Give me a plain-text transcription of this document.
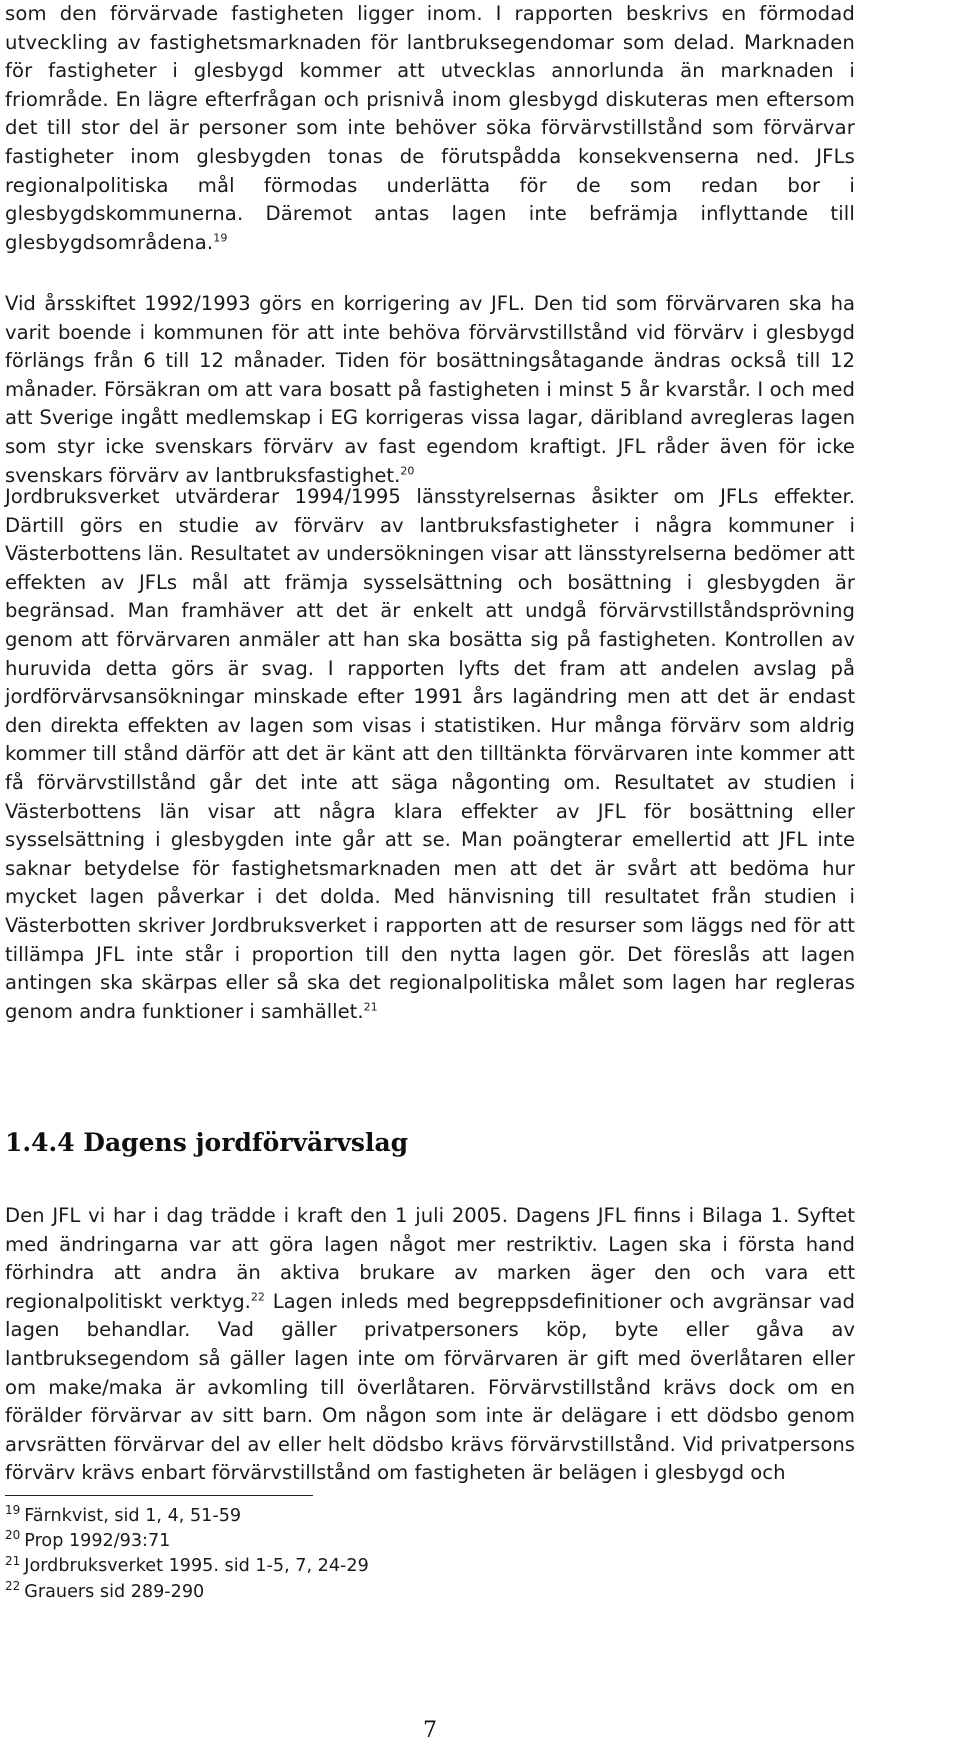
som den förvärvade fastigheten ligger inom. I rapporten beskrivs en förmodad utveckling av fastighetsmarknaden för lantbruksegendomar som delad. Marknaden för fastigheter i glesbygd kommer att utvecklas annorlunda än marknaden i friområde. En lägre efterfrågan och prisnivå inom glesbygd diskuteras men eftersom det till stor del är personer som inte behöver söka förvärvstillstånd som förvärvar fastigheter inom glesbygden tonas de förutspådda konsekvenserna ned. JFLs regionalpolitiska mål förmodas underlätta för de som redan bor i glesbygdskommunerna. Däremot antas lagen inte befrämja inflyttande till glesbygdsområdena.$^{19}$

Vid årsskiftet 1992/1993 görs en korrigering av JFL. Den tid som förvärvaren ska ha varit boende i kommunen för att inte behöva förvärvstillstånd vid förvärv i glesbygd förlängs från 6 till 12 månader. Tiden för bosättningsåtagande ändras också till 12 månader. Försäkran om att vara bosatt på fastigheten i minst 5 år kvarstår. I och med att Sverige ingått medlemskap i EG korrigeras vissa lagar, däribland avregleras lagen som styr icke svenskars förvärv av fast egendom kraftigt. JFL råder även för icke svenskars förvärv av lantbruksfastighet.$^{20}$

Jordbruksverket utvärderar 1994/1995 länsstyrelsernas åsikter om JFLs effekter. Därtill görs en studie av förvärv av lantbruksfastigheter i några kommuner i Västerbottens län. Resultatet av undersökningen visar att länsstyrelserna bedömer att effekten av JFLs mål att främja sysselsättning och bosättning i glesbygden är begränsad. Man framhäver att det är enkelt att undgå förvärvstillståndsprövning genom att förvärvaren anmäler att han ska bosätta sig på fastigheten. Kontrollen av huruvida detta görs är svag. I rapporten lyfts det fram att andelen avslag på jordförvärvsansökningar minskade efter 1991 års lagändring men att det är endast den direkta effekten av lagen som visas i statistiken. Hur många förvärv som aldrig kommer till stånd därför att det är känt att den tilltänkta förvärvaren inte kommer att få förvärvstillstånd går det inte att säga någonting om. Resultatet av studien i Västerbottens län visar att några klara effekter av JFL för bosättning eller sysselsättning i glesbygden inte går att se. Man poängterar emellertid att JFL inte saknar betydelse för fastighetsmarknaden men att det är svårt att bedöma hur mycket lagen påverkar i det dolda. Med hänvisning till resultatet från studien i Västerbotten skriver Jordbruksverket i rapporten att de resurser som läggs ned för att tillämpa JFL inte står i proportion till den nytta lagen gör. Det föreslås att lagen antingen ska skärpas eller så ska det regionalpolitiska målet som lagen har regleras genom andra funktioner i samhället.$^{21}$

1.4.4 Dagens jordförvärvslag

Den JFL vi har i dag trädde i kraft den 1 juli 2005. Dagens JFL finns i Bilaga 1. Syftet med ändringarna var att göra lagen något mer restriktiv. Lagen ska i första hand förhindra att andra än aktiva brukare av marken äger den och vara ett regionalpolitiskt verktyg.$^{22}$ Lagen inleds med begreppsdefinitioner och avgränsar vad lagen behandlar. Vad gäller privatpersoners köp, byte eller gåva av lantbruksegendom så gäller lagen inte om förvärvaren är gift med överlåtaren eller om make/maka är avkomling till överlåtaren. Förvärvstillstånd krävs dock om en förälder förvärvar av sitt barn. Om någon som inte är delägare i ett dödsbo genom arvsrätten förvärvar del av eller helt dödsbo krävs förvärvstillstånd. Vid privatpersons förvärv krävs enbart förvärvstillstånd om fastigheten är belägen i glesbygd och

$^{19}$ Färnkvist, sid 1, 4, 51-59

$^{20}$ Prop 1992/93:71

$^{21}$ Jordbruksverket 1995. sid 1-5, 7, 24-29

$^{22}$ Grauers sid 289-290

7
